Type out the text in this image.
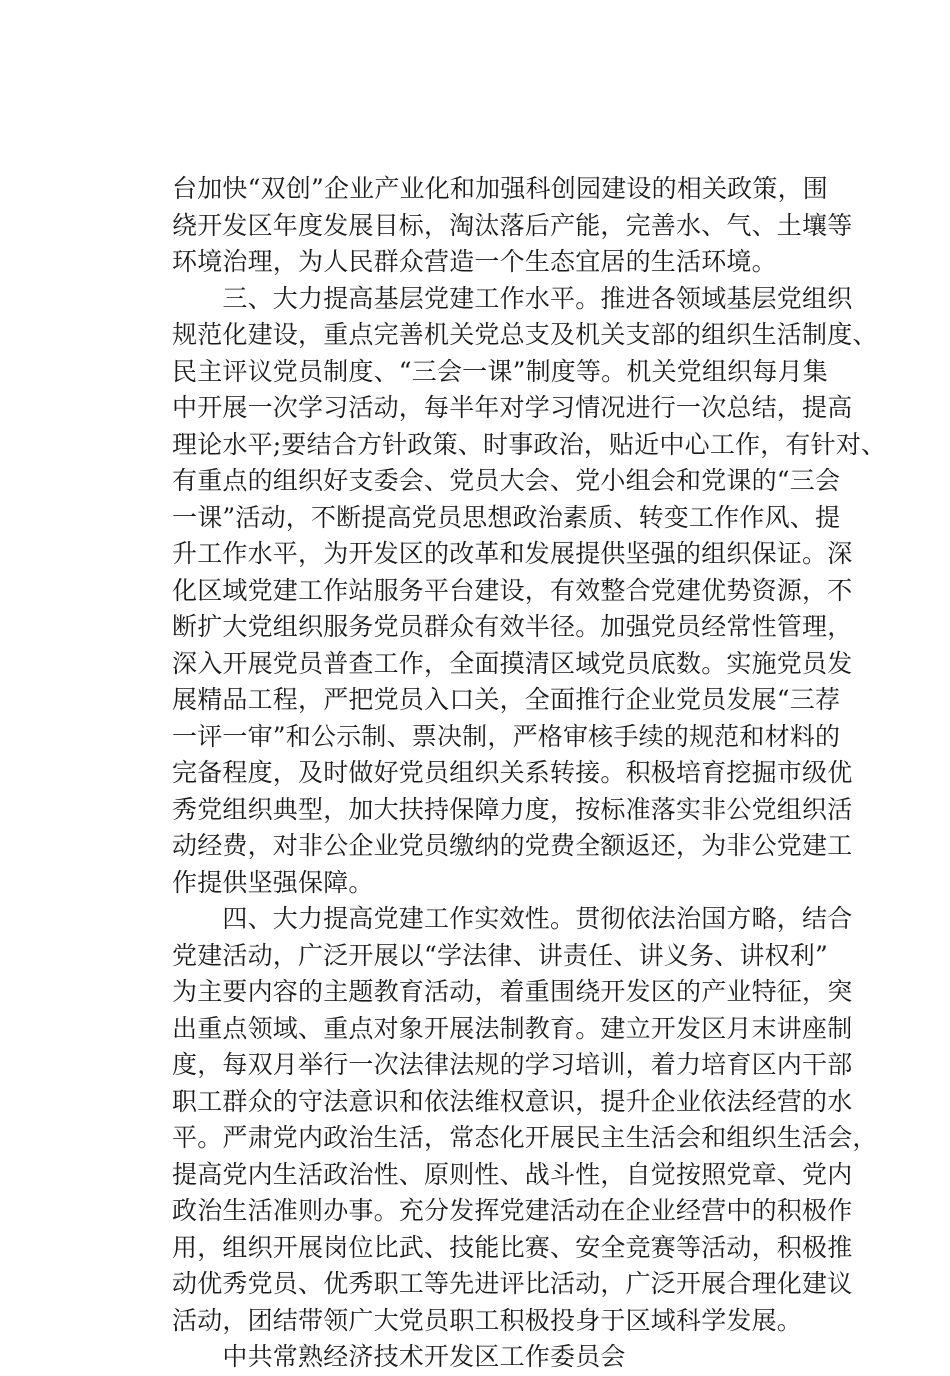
台加快“双创”企业产业化和加强科创园建设的相关政策，围
绕开发区年度发展目标，淘汰落后产能，完善水、气、土壤等
环境治理，为人民群众营造一个生态宜居的生活环境。
　　三、大力提高基层党建工作水平。推进各领域基层党组织
规范化建设，重点完善机关党总支及机关支部的组织生活制度、
民主评议党员制度、“三会一课”制度等。机关党组织每月集
中开展一次学习活动，每半年对学习情况进行一次总结，提高
理论水平;要结合方针政策、时事政治，贴近中心工作，有针对、
有重点的组织好支委会、党员大会、党小组会和党课的“三会
一课”活动，不断提高党员思想政治素质、转变工作作风、提
升工作水平，为开发区的改革和发展提供坚强的组织保证。深
化区域党建工作站服务平台建设，有效整合党建优势资源，不
断扩大党组织服务党员群众有效半径。加强党员经常性管理，
深入开展党员普查工作，全面摸清区域党员底数。实施党员发
展精品工程，严把党员入口关，全面推行企业党员发展“三荐
一评一审”和公示制、票决制，严格审核手续的规范和材料的
完备程度，及时做好党员组织关系转接。积极培育挖掘市级优
秀党组织典型，加大扶持保障力度，按标准落实非公党组织活
动经费，对非公企业党员缴纳的党费全额返还，为非公党建工
作提供坚强保障。
　　四、大力提高党建工作实效性。贯彻依法治国方略，结合
党建活动，广泛开展以“学法律、讲责任、讲义务、讲权利”
为主要内容的主题教育活动，着重围绕开发区的产业特征，突
出重点领域、重点对象开展法制教育。建立开发区月末讲座制
度，每双月举行一次法律法规的学习培训，着力培育区内干部
职工群众的守法意识和依法维权意识，提升企业依法经营的水
平。严肃党内政治生活，常态化开展民主生活会和组织生活会，
提高党内生活政治性、原则性、战斗性，自觉按照党章、党内
政治生活准则办事。充分发挥党建活动在企业经营中的积极作
用，组织开展岗位比武、技能比赛、安全竞赛等活动，积极推
动优秀党员、优秀职工等先进评比活动，广泛开展合理化建议
活动，团结带领广大党员职工积极投身于区域科学发展。
　　中共常熟经济技术开发区工作委员会
